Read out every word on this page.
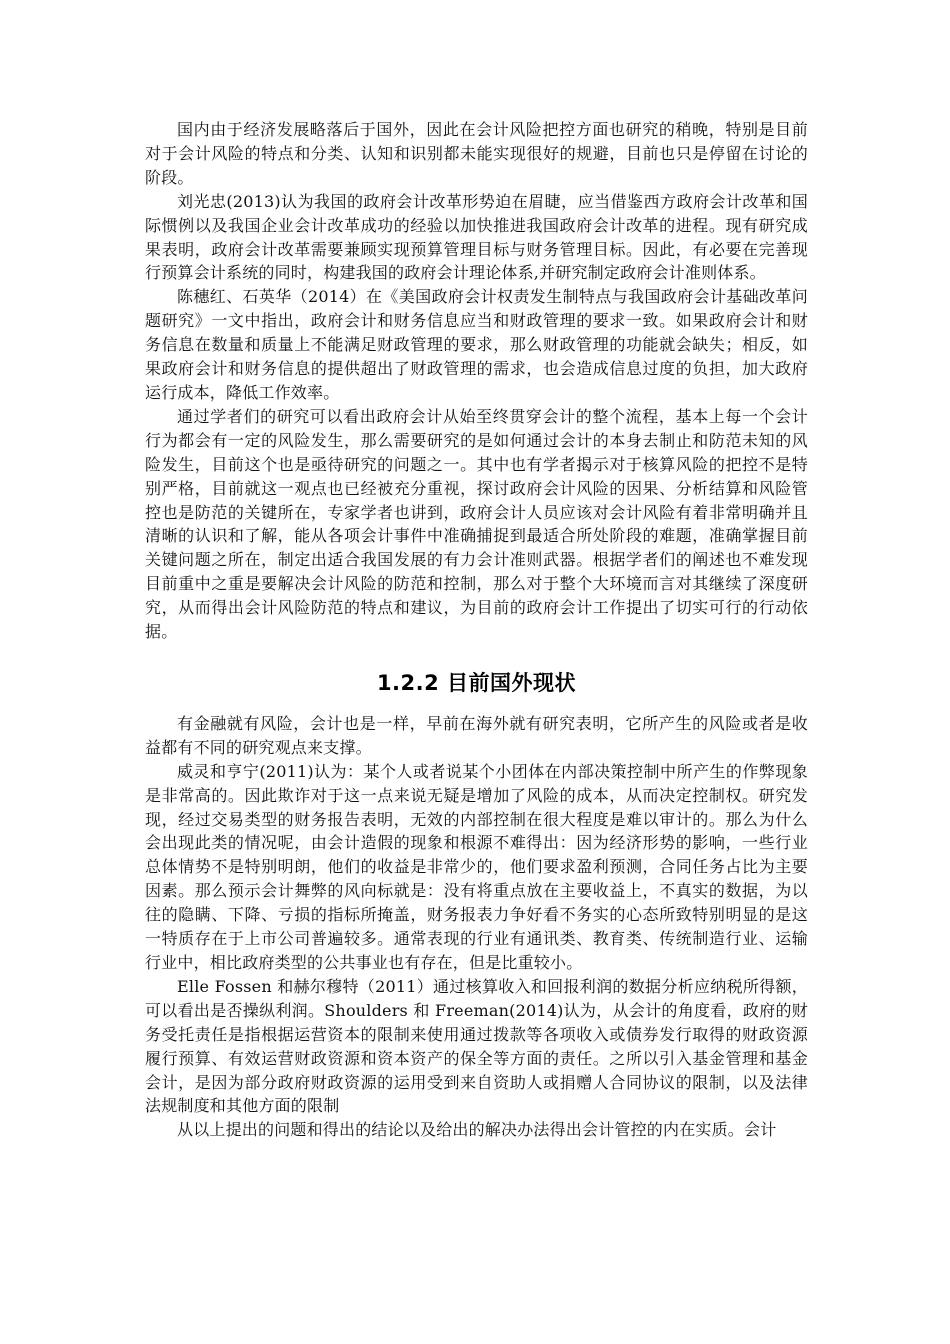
国内由于经济发展略落后于国外，因此在会计风险把控方面也研究的稍晚，特别是目前对于会计风险的特点和分类、认知和识别都未能实现很好的规避，目前也只是停留在讨论的阶段。

刘光忠(2013)认为我国的政府会计改革形势迫在眉睫，应当借鉴西方政府会计改革和国际惯例以及我国企业会计改革成功的经验以加快推进我国政府会计改革的进程。现有研究成果表明，政府会计改革需要兼顾实现预算管理目标与财务管理目标。因此，有必要在完善现行预算会计系统的同时，构建我国的政府会计理论体系,并研究制定政府会计准则体系。

陈穗红、石英华（2014）在《美国政府会计权责发生制特点与我国政府会计基础改革问题研究》一文中指出，政府会计和财务信息应当和财政管理的要求一致。如果政府会计和财务信息在数量和质量上不能满足财政管理的要求，那么财政管理的功能就会缺失；相反，如果政府会计和财务信息的提供超出了财政管理的需求，也会造成信息过度的负担，加大政府运行成本，降低工作效率。

通过学者们的研究可以看出政府会计从始至终贯穿会计的整个流程，基本上每一个会计行为都会有一定的风险发生，那么需要研究的是如何通过会计的本身去制止和防范未知的风险发生，目前这个也是亟待研究的问题之一。其中也有学者揭示对于核算风险的把控不是特别严格，目前就这一观点也已经被充分重视，探讨政府会计风险的因果、分析结算和风险管控也是防范的关键所在，专家学者也讲到，政府会计人员应该对会计风险有着非常明确并且清晰的认识和了解，能从各项会计事件中准确捕捉到最适合所处阶段的难题，准确掌握目前关键问题之所在，制定出适合我国发展的有力会计准则武器。根据学者们的阐述也不难发现目前重中之重是要解决会计风险的防范和控制，那么对于整个大环境而言对其继续了深度研究，从而得出会计风险防范的特点和建议，为目前的政府会计工作提出了切实可行的行动依据。

1.2.2 目前国外现状

有金融就有风险，会计也是一样，早前在海外就有研究表明，它所产生的风险或者是收益都有不同的研究观点来支撑。

威灵和亨宁(2011)认为：某个人或者说某个小团体在内部决策控制中所产生的作弊现象是非常高的。因此欺诈对于这一点来说无疑是增加了风险的成本，从而决定控制权。研究发现，经过交易类型的财务报告表明，无效的内部控制在很大程度是难以审计的。那么为什么会出现此类的情况呢，由会计造假的现象和根源不难得出：因为经济形势的影响，一些行业总体情势不是特别明朗，他们的收益是非常少的，他们要求盈利预测，合同任务占比为主要因素。那么预示会计舞弊的风向标就是：没有将重点放在主要收益上，不真实的数据，为以往的隐瞒、下降、亏损的指标所掩盖，财务报表力争好看不务实的心态所致特别明显的是这一特质存在于上市公司普遍较多。通常表现的行业有通讯类、教育类、传统制造行业、运输行业中，相比政府类型的公共事业也有存在，但是比重较小。

Elle Fossen 和赫尔穆特（2011）通过核算收入和回报利润的数据分析应纳税所得额，可以看出是否操纵利润。Shoulders 和 Freeman(2014)认为，从会计的角度看，政府的财务受托责任是指根据运营资本的限制来使用通过拨款等各项收入或债券发行取得的财政资源履行预算、有效运营财政资源和资本资产的保全等方面的责任。之所以引入基金管理和基金会计，是因为部分政府财政资源的运用受到来自资助人或捐赠人合同协议的限制，以及法律法规制度和其他方面的限制

从以上提出的问题和得出的结论以及给出的解决办法得出会计管控的内在实质。会计
